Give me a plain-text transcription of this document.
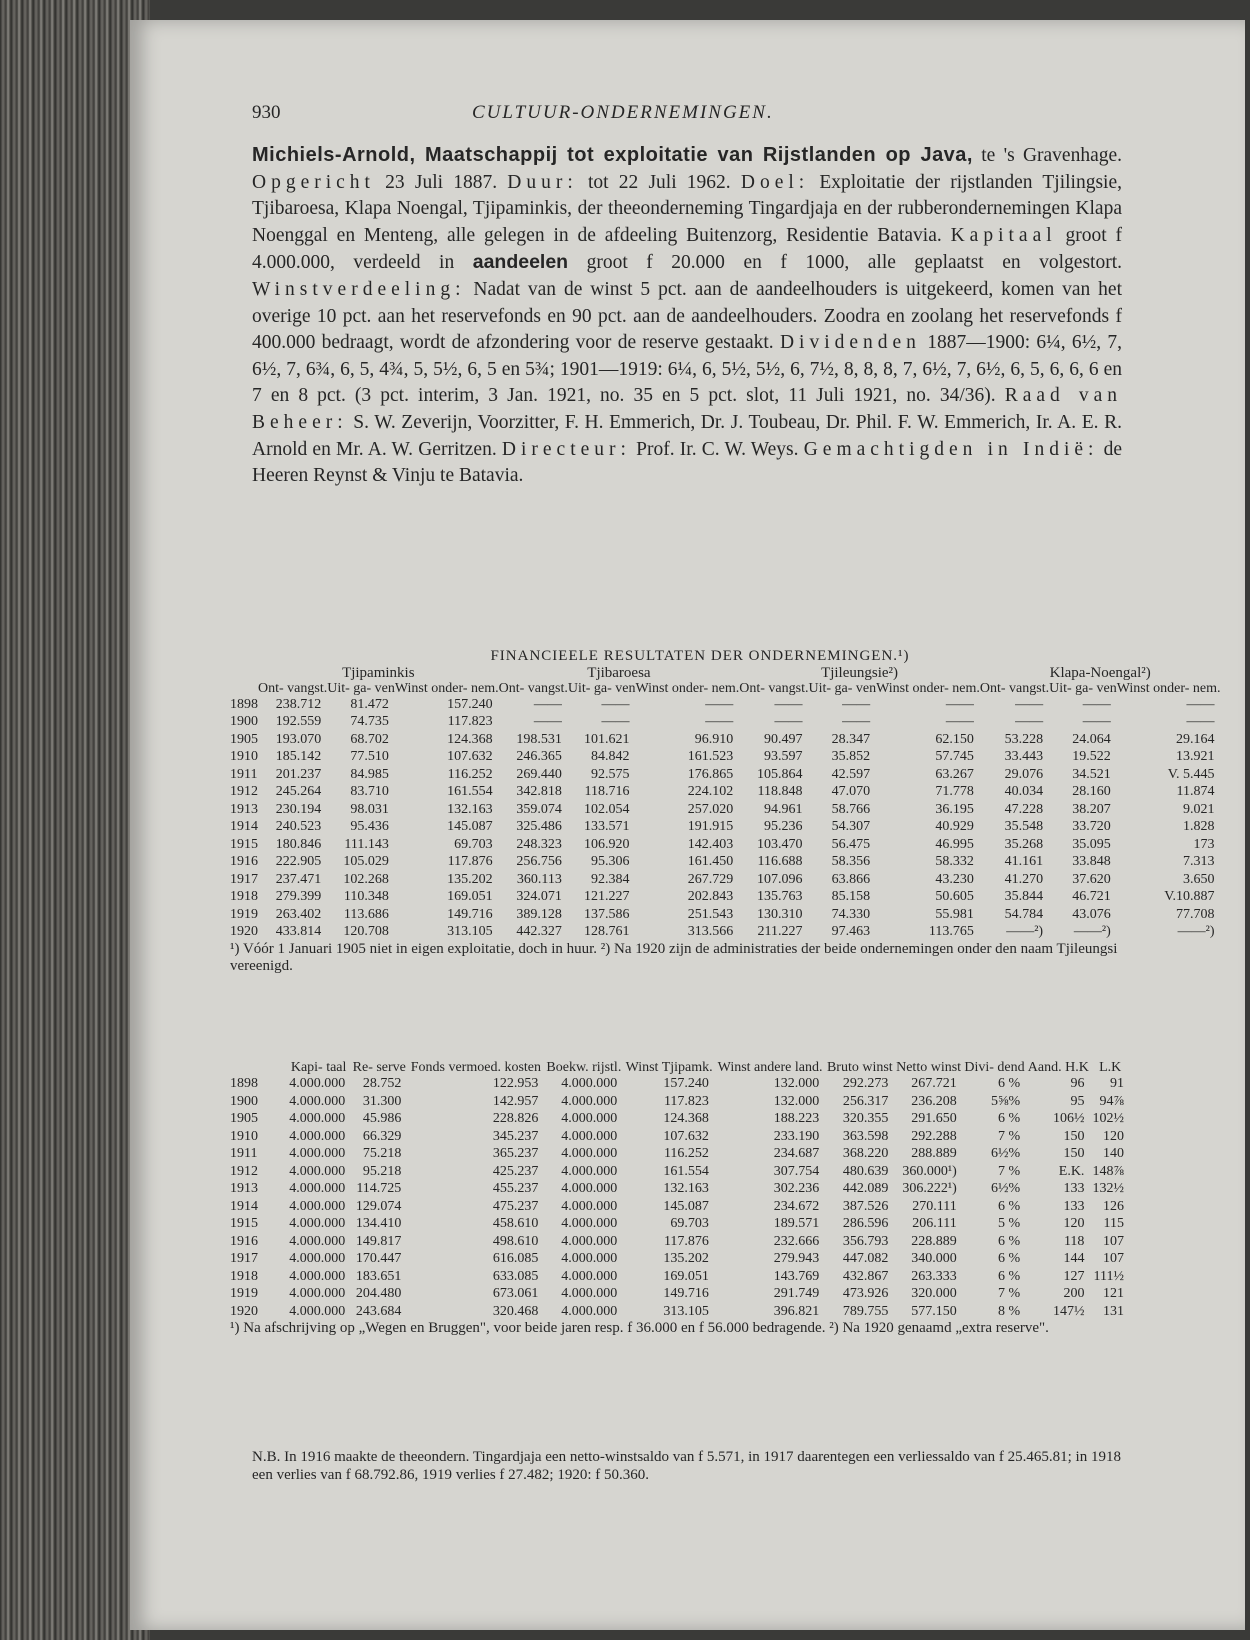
930	CULTUUR-ONDERNEMINGEN.

Michiels-Arnold, Maatschappij tot exploitatie van Rijstlanden op Java, te 's Gravenhage. Opgericht 23 Juli 1887. Duur: tot 22 Juli 1962. Doel: Exploitatie der rijstlanden Tjilingsie, Tjibaroesa, Klapa Noengal, Tjipaminkis, der theeonderneming Tingardjaja en der rubberondernemingen Klapa Noenggal en Menteng, alle gelegen in de afdeeling Buitenzorg, Residentie Batavia. Kapitaal groot f 4.000.000, verdeeld in aandeelen groot f 20.000 en f 1000, alle geplaatst en volgestort. Winstverdeeling: Nadat van de winst 5 pct. aan de aandeelhouders is uitgekeerd, komen van het overige 10 pct. aan het reservefonds en 90 pct. aan de aandeelhouders. Zoodra en zoolang het reservefonds f 400.000 bedraagt, wordt de afzondering voor de reserve gestaakt. Dividenden 1887—1900: 6¼, 6½, 7, 6½, 7, 6¾, 6, 5, 4¾, 5, 5½, 6, 5 en 5¾; 1901—1919: 6¼, 6, 5½, 5½, 6, 7½, 8, 8, 8, 7, 6½, 7, 6½, 6, 5, 6, 6, 6 en 7 en 8 pct. (3 pct. interim, 3 Jan. 1921, no. 35 en 5 pct. slot, 11 Juli 1921, no. 34/36). Raad van Beheer: S. W. Zeverijn, Voorzitter, F. H. Emmerich, Dr. J. Toubeau, Dr. Phil. F. W. Emmerich, Ir. A. E. R. Arnold en Mr. A. W. Gerritzen. Directeur: Prof. Ir. C. W. Weys. Gemachtigden in Indië: de Heeren Reynst & Vinju te Batavia.

FINANCIEELE RESULTATEN DER ONDERNEMINGEN.¹)
	Tjipaminkis			Tjibaroesa			Tjileungsie²)			Klapa-Noengal²)		
	Ont- vangst.	Uit- ga- ven	Winst onder- nem.	Ont- vangst.	Uit- ga- ven	Winst onder- nem.	Ont- vangst.	Uit- ga- ven	Winst onder- nem.	Ont- vangst.	Uit- ga- ven	Winst onder- nem.
1898	238.712	81.472	157.240	——	——	——	——	——	——	——	——	——
1900	192.559	74.735	117.823	——	——	——	——	——	——	——	——	——
1905	193.070	68.702	124.368	198.531	101.621	96.910	90.497	28.347	62.150	53.228	24.064	29.164
1910	185.142	77.510	107.632	246.365	84.842	161.523	93.597	35.852	57.745	33.443	19.522	13.921
1911	201.237	84.985	116.252	269.440	92.575	176.865	105.864	42.597	63.267	29.076	34.521	V. 5.445
1912	245.264	83.710	161.554	342.818	118.716	224.102	118.848	47.070	71.778	40.034	28.160	11.874
1913	230.194	98.031	132.163	359.074	102.054	257.020	94.961	58.766	36.195	47.228	38.207	9.021
1914	240.523	95.436	145.087	325.486	133.571	191.915	95.236	54.307	40.929	35.548	33.720	1.828
1915	180.846	111.143	69.703	248.323	106.920	142.403	103.470	56.475	46.995	35.268	35.095	173
1916	222.905	105.029	117.876	256.756	95.306	161.450	116.688	58.356	58.332	41.161	33.848	7.313
1917	237.471	102.268	135.202	360.113	92.384	267.729	107.096	63.866	43.230	41.270	37.620	3.650
1918	279.399	110.348	169.051	324.071	121.227	202.843	135.763	85.158	50.605	35.844	46.721	V.10.887
1919	263.402	113.686	149.716	389.128	137.586	251.543	130.310	74.330	55.981	54.784	43.076	77.708
1920	433.814	120.708	313.105	442.327	128.761	313.566	211.227	97.463	113.765	——²)	——²)	——²)
¹) Vóór 1 Januari 1905 niet in eigen exploitatie, doch in huur. ²) Na 1920 zijn de administraties der beide ondernemingen onder den naam Tjileungsi vereenigd.
	Kapi- taal	Re- serve	Fonds vermoed. kosten	Boekw. rijstl.	Winst Tjipamk.	Winst andere land.	Bruto winst	Netto winst	Divi- dend	Aand. H.K	L.K
1898	4.000.000	28.752	122.953	4.000.000	157.240	132.000	292.273	267.721	6 %	96	91
1900	4.000.000	31.300	142.957	4.000.000	117.823	132.000	256.317	236.208	5⅝%	95	94⅞
1905	4.000.000	45.986	228.826	4.000.000	124.368	188.223	320.355	291.650	6 %	106½	102½
1910	4.000.000	66.329	345.237	4.000.000	107.632	233.190	363.598	292.288	7 %	150	120
1911	4.000.000	75.218	365.237	4.000.000	116.252	234.687	368.220	288.889	6½%	150	140
1912	4.000.000	95.218	425.237	4.000.000	161.554	307.754	480.639	360.000¹)	7 %	E.K.	148⅞
1913	4.000.000	114.725	455.237	4.000.000	132.163	302.236	442.089	306.222¹)	6½%	133	132½
1914	4.000.000	129.074	475.237	4.000.000	145.087	234.672	387.526	270.111	6 %	133	126
1915	4.000.000	134.410	458.610	4.000.000	69.703	189.571	286.596	206.111	5 %	120	115
1916	4.000.000	149.817	498.610	4.000.000	117.876	232.666	356.793	228.889	6 %	118	107
1917	4.000.000	170.447	616.085	4.000.000	135.202	279.943	447.082	340.000	6 %	144	107
1918	4.000.000	183.651	633.085	4.000.000	169.051	143.769	432.867	263.333	6 %	127	111½
1919	4.000.000	204.480	673.061	4.000.000	149.716	291.749	473.926	320.000	7 %	200	121
1920	4.000.000	243.684	320.468	4.000.000	313.105	396.821	789.755	577.150	8 %	147½	131
¹) Na afschrijving op „Wegen en Bruggen", voor beide jaren resp. f 36.000 en f 56.000 bedragende. ²) Na 1920 genaamd „extra reserve".
N.B. In 1916 maakte de theeondern. Tingardjaja een netto-winstsaldo van f 5.571, in 1917 daarentegen een verliessaldo van f 25.465.81; in 1918 een verlies van f 68.792.86, 1919 verlies f 27.482; 1920: f 50.360.
